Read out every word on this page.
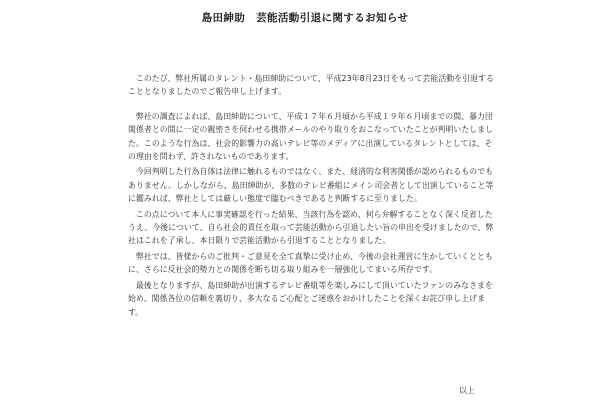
島田紳助　芸能活動引退に関するお知らせ

このたび、弊社所属のタレント・島田紳助について、平成23年8月23日をもって芸能活動を引退することとなりましたのでご報告申し上げます。

弊社の調査によれば、島田紳助について、平成１７年６月頃から平成１９年６月頃までの間、暴力団関係者との間に一定の親密さを伺わせる携帯メールのやり取りをおこなっていたことが判明いたしました。このような行為は、社会的影響力の高いテレビ等のメディアに出演しているタレントとしては、その理由を問わず、許されないものであります。

今回判明した行為自体は法律に触れるものではなく、また、経済的な利害関係が認められるものでもありません。しかしながら、島田紳助が、多数のテレビ番組にメイン司会者として出演していること等に鑑みれば、弊社としては厳しい態度で臨むべきであると判断するに至りました。

この点について本人に事実確認を行った結果、当該行為を認め、何ら弁解することなく深く反省したうえ、今後について、自ら社会的責任を取って芸能活動から引退したい旨の申出を受けましたので、弊社はこれを了承し、本日限りで芸能活動から引退することとなりました。

弊社では、皆様からのご批判・ご意見を全て真摯に受け止め、今後の会社運営に生かしていくとともに、さらに反社会的勢力との関係を断ち切る取り組みを一層強化してまいる所存です。

最後となりますが、島田紳助が出演するテレビ番組等を楽しみにして頂いていたファンのみなさまを始め、関係各位の信頼を裏切り、多大なるご心配とご迷惑をおかけしたことを深くお詫び申し上げます。

以上
